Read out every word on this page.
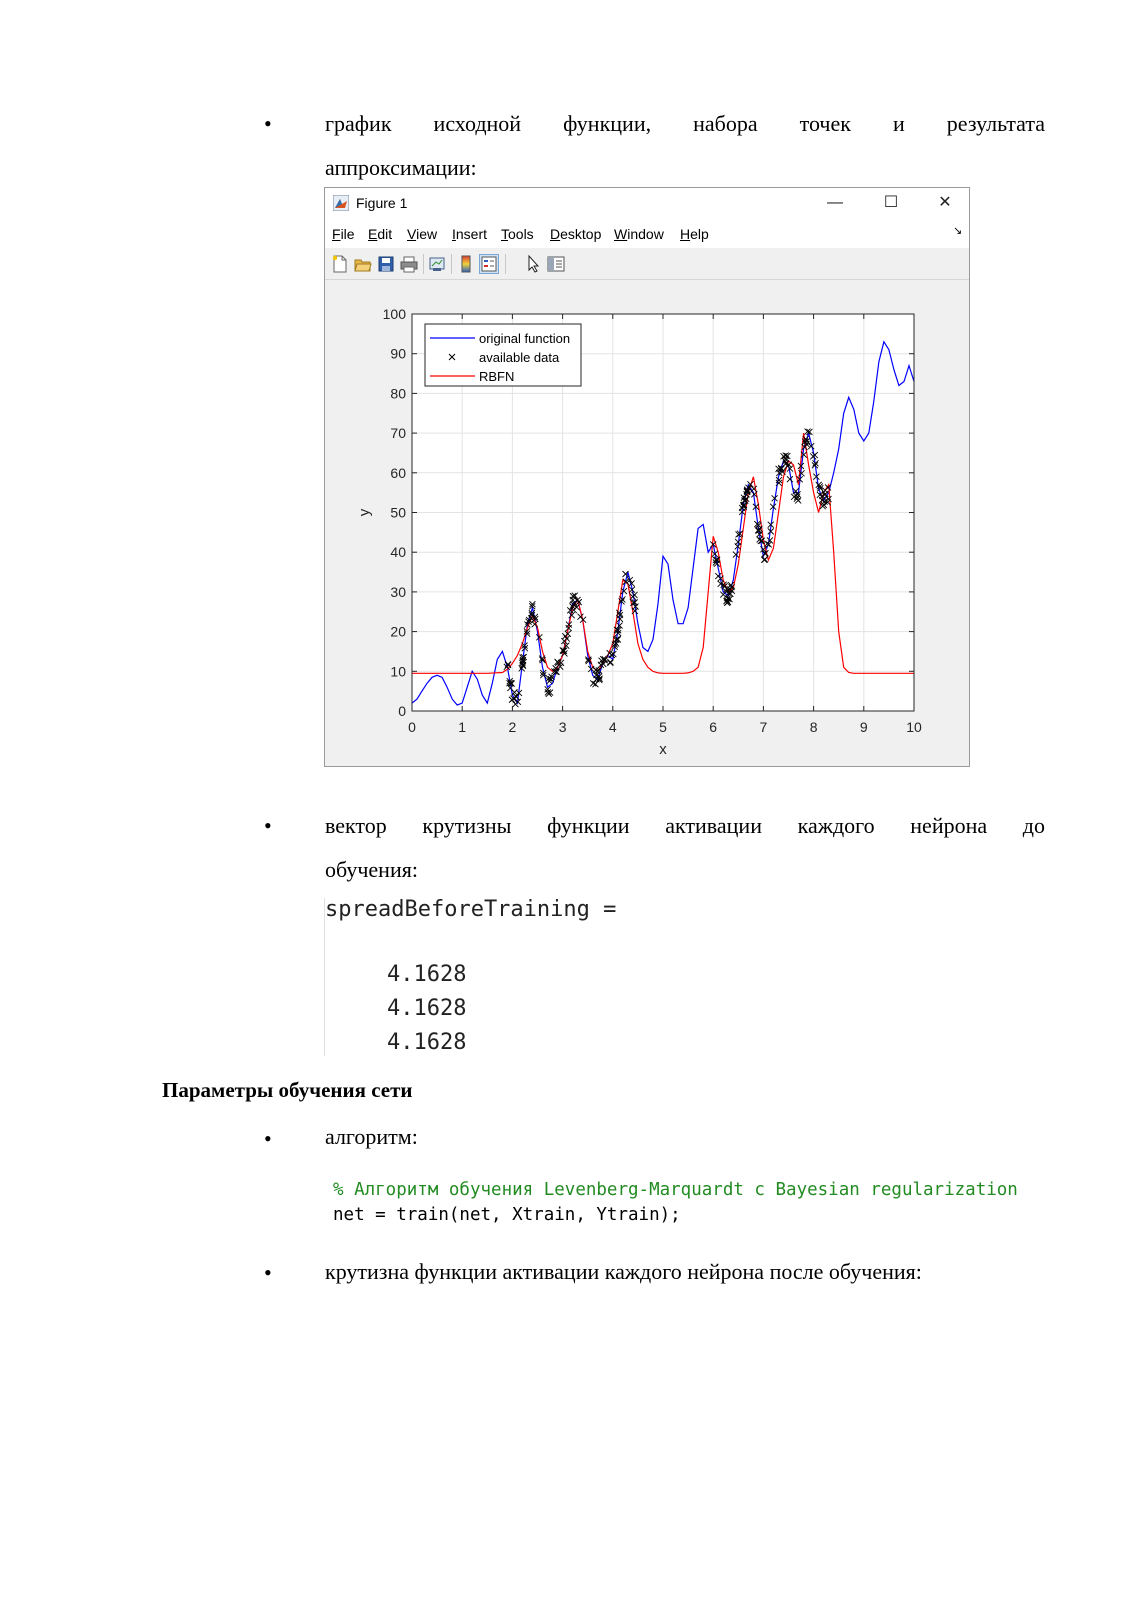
• график исходной функции, набора точек и результата
аппроксимации:
Figure 1	—	☐	✕
File Edit View Insert Tools Desktop Window Help	↘
0	1	2	3	4	5	6	7	8	9	10
0
10
20
30
40
50
60
70
80
90
100
x
y
original function
available data
RBFN
• вектор крутизны функции активации каждого нейрона до
обучения:
spreadBeforeTraining =
4.1628
4.1628
4.1628
Параметры обучения сети
• алгоритм:
% Алгоритм обучения Levenberg-Marquardt с Bayesian regularization
net = train(net, Xtrain, Ytrain);
• крутизна функции активации каждого нейрона после обучения:
